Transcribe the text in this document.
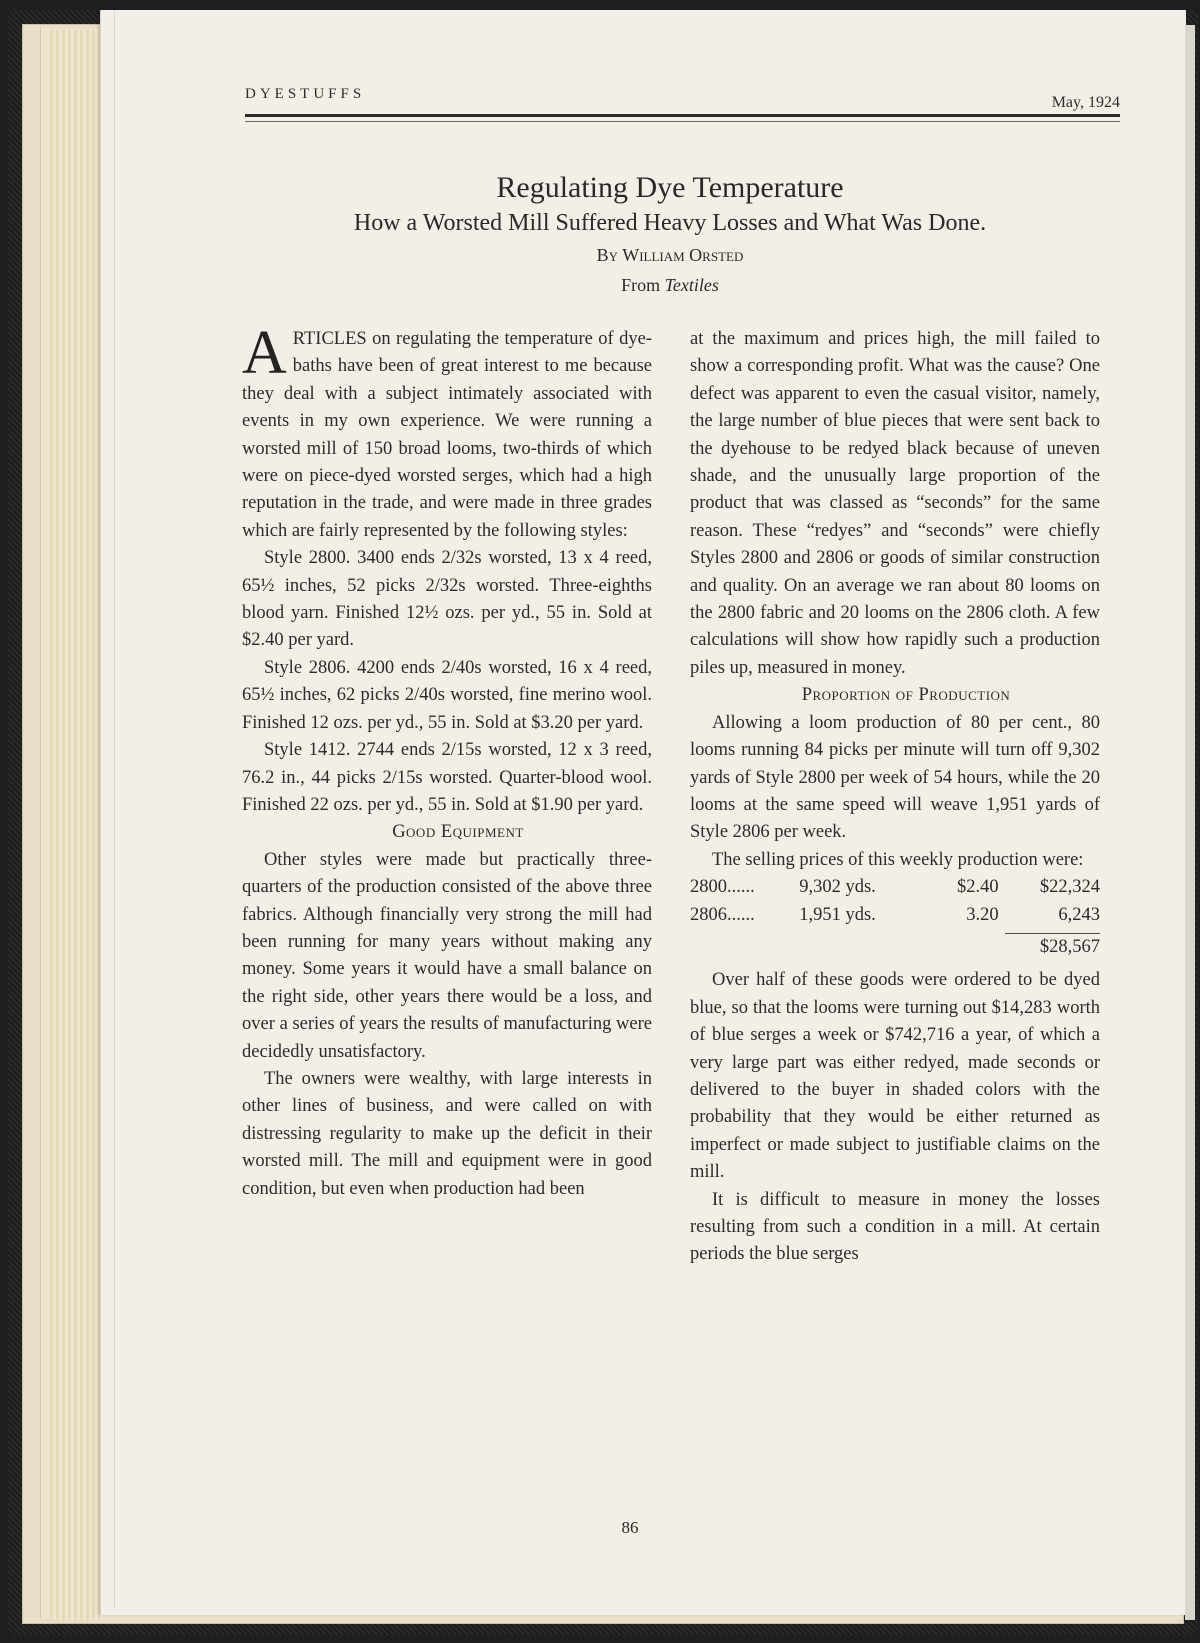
DYESTUFFS	May, 1924
Regulating Dye Temperature
How a Worsted Mill Suffered Heavy Losses and What Was Done.
By William Orsted
From Textiles

ARTICLES on regulating the temperature of dye-baths have been of great interest to me because they deal with a subject intimately associated with events in my own experience. We were running a worsted mill of 150 broad looms, two-thirds of which were on piece-dyed worsted serges, which had a high reputation in the trade, and were made in three grades which are fairly represented by the following styles:

Style 2800. 3400 ends 2/32s worsted, 13 x 4 reed, 65½ inches, 52 picks 2/32s worsted. Three-eighths blood yarn. Finished 12½ ozs. per yd., 55 in. Sold at $2.40 per yard.

Style 2806. 4200 ends 2/40s worsted, 16 x 4 reed, 65½ inches, 62 picks 2/40s worsted, fine merino wool. Finished 12 ozs. per yd., 55 in. Sold at $3.20 per yard.

Style 1412. 2744 ends 2/15s worsted, 12 x 3 reed, 76.2 in., 44 picks 2/15s worsted. Quarter-blood wool. Finished 22 ozs. per yd., 55 in. Sold at $1.90 per yard.

Good Equipment

Other styles were made but practically three-quarters of the production consisted of the above three fabrics. Although financially very strong the mill had been running for many years without making any money. Some years it would have a small balance on the right side, other years there would be a loss, and over a series of years the results of manufacturing were decidedly unsatisfactory.

The owners were wealthy, with large interests in other lines of business, and were called on with distressing regularity to make up the deficit in their worsted mill. The mill and equipment were in good condition, but even when production had been

at the maximum and prices high, the mill failed to show a corresponding profit. What was the cause? One defect was apparent to even the casual visitor, namely, the large number of blue pieces that were sent back to the dyehouse to be redyed black because of uneven shade, and the unusually large proportion of the product that was classed as “seconds” for the same reason. These “redyes” and “seconds” were chiefly Styles 2800 and 2806 or goods of similar construction and quality. On an average we ran about 80 looms on the 2800 fabric and 20 looms on the 2806 cloth. A few calculations will show how rapidly such a production piles up, measured in money.

Proportion of Production

Allowing a loom production of 80 per cent., 80 looms running 84 picks per minute will turn off 9,302 yards of Style 2800 per week of 54 hours, while the 20 looms at the same speed will weave 1,951 yards of Style 2806 per week.

The selling prices of this weekly production were:

2800......	9,302 yds.	$2.40	$22,324
2806......	1,951 yds.	3.20	6,243
$28,567

Over half of these goods were ordered to be dyed blue, so that the looms were turning out $14,283 worth of blue serges a week or $742,716 a year, of which a very large part was either redyed, made seconds or delivered to the buyer in shaded colors with the probability that they would be either returned as imperfect or made subject to justifiable claims on the mill.

It is difficult to measure in money the losses resulting from such a condition in a mill. At certain periods the blue serges

86
